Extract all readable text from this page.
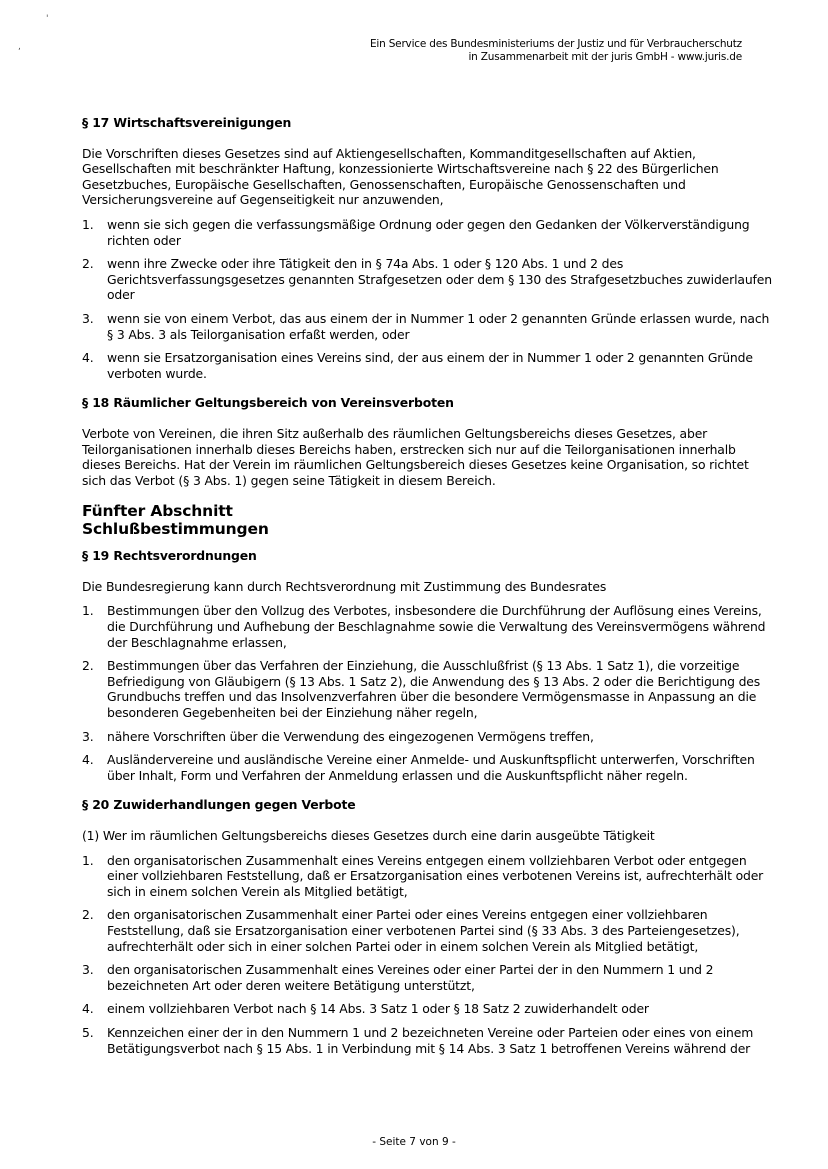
'
,	Ein Service des Bundesministeriums der Justiz und für Verbraucherschutz
in Zusammenarbeit mit der juris GmbH - www.juris.de
§ 17 Wirtschaftsvereinigungen

Die Vorschriften dieses Gesetzes sind auf Aktiengesellschaften, Kommanditgesellschaften auf Aktien, Gesellschaften mit beschränkter Haftung, konzessionierte Wirtschaftsvereine nach § 22 des Bürgerlichen Gesetzbuches, Europäische Gesellschaften, Genossenschaften, Europäische Genossenschaften und Versicherungsvereine auf Gegenseitigkeit nur anzuwenden,

1.	wenn sie sich gegen die verfassungsmäßige Ordnung oder gegen den Gedanken der Völkerverständigung richten oder
2.	wenn ihre Zwecke oder ihre Tätigkeit den in § 74a Abs. 1 oder § 120 Abs. 1 und 2 des Gerichtsverfassungsgesetzes genannten Strafgesetzen oder dem § 130 des Strafgesetzbuches zuwiderlaufen oder
3.	wenn sie von einem Verbot, das aus einem der in Nummer 1 oder 2 genannten Gründe erlassen wurde, nach § 3 Abs. 3 als Teilorganisation erfaßt werden, oder
4.	wenn sie Ersatzorganisation eines Vereins sind, der aus einem der in Nummer 1 oder 2 genannten Gründe verboten wurde.
§ 18 Räumlicher Geltungsbereich von Vereinsverboten

Verbote von Vereinen, die ihren Sitz außerhalb des räumlichen Geltungsbereichs dieses Gesetzes, aber Teilorganisationen innerhalb dieses Bereichs haben, erstrecken sich nur auf die Teilorganisationen innerhalb dieses Bereichs. Hat der Verein im räumlichen Geltungsbereich dieses Gesetzes keine Organisation, so richtet sich das Verbot (§ 3 Abs. 1) gegen seine Tätigkeit in diesem Bereich.

Fünfter Abschnitt
Schlußbestimmungen
§ 19 Rechtsverordnungen

Die Bundesregierung kann durch Rechtsverordnung mit Zustimmung des Bundesrates

1.	Bestimmungen über den Vollzug des Verbotes, insbesondere die Durchführung der Auflösung eines Vereins, die Durchführung und Aufhebung der Beschlagnahme sowie die Verwaltung des Vereinsvermögens während der Beschlagnahme erlassen,
2.	Bestimmungen über das Verfahren der Einziehung, die Ausschlußfrist (§ 13 Abs. 1 Satz 1), die vorzeitige Befriedigung von Gläubigern (§ 13 Abs. 1 Satz 2), die Anwendung des § 13 Abs. 2 oder die Berichtigung des Grundbuchs treffen und das Insolvenzverfahren über die besondere Vermögensmasse in Anpassung an die besonderen Gegebenheiten bei der Einziehung näher regeln,
3.	nähere Vorschriften über die Verwendung des eingezogenen Vermögens treffen,
4.	Ausländervereine und ausländische Vereine einer Anmelde- und Auskunftspflicht unterwerfen, Vorschriften über Inhalt, Form und Verfahren der Anmeldung erlassen und die Auskunftspflicht näher regeln.
§ 20 Zuwiderhandlungen gegen Verbote

(1) Wer im räumlichen Geltungsbereichs dieses Gesetzes durch eine darin ausgeübte Tätigkeit

1.	den organisatorischen Zusammenhalt eines Vereins entgegen einem vollziehbaren Verbot oder entgegen einer vollziehbaren Feststellung, daß er Ersatzorganisation eines verbotenen Vereins ist, aufrechterhält oder sich in einem solchen Verein als Mitglied betätigt,
2.	den organisatorischen Zusammenhalt einer Partei oder eines Vereins entgegen einer vollziehbaren Feststellung, daß sie Ersatzorganisation einer verbotenen Partei sind (§ 33 Abs. 3 des Parteiengesetzes), aufrechterhält oder sich in einer solchen Partei oder in einem solchen Verein als Mitglied betätigt,
3.	den organisatorischen Zusammenhalt eines Vereines oder einer Partei der in den Nummern 1 und 2 bezeichneten Art oder deren weitere Betätigung unterstützt,
4.	einem vollziehbaren Verbot nach § 14 Abs. 3 Satz 1 oder § 18 Satz 2 zuwiderhandelt oder
5.	Kennzeichen einer der in den Nummern 1 und 2 bezeichneten Vereine oder Parteien oder eines von einem Betätigungsverbot nach § 15 Abs. 1 in Verbindung mit § 14 Abs. 3 Satz 1 betroffenen Vereins während der
- Seite 7 von 9 -
